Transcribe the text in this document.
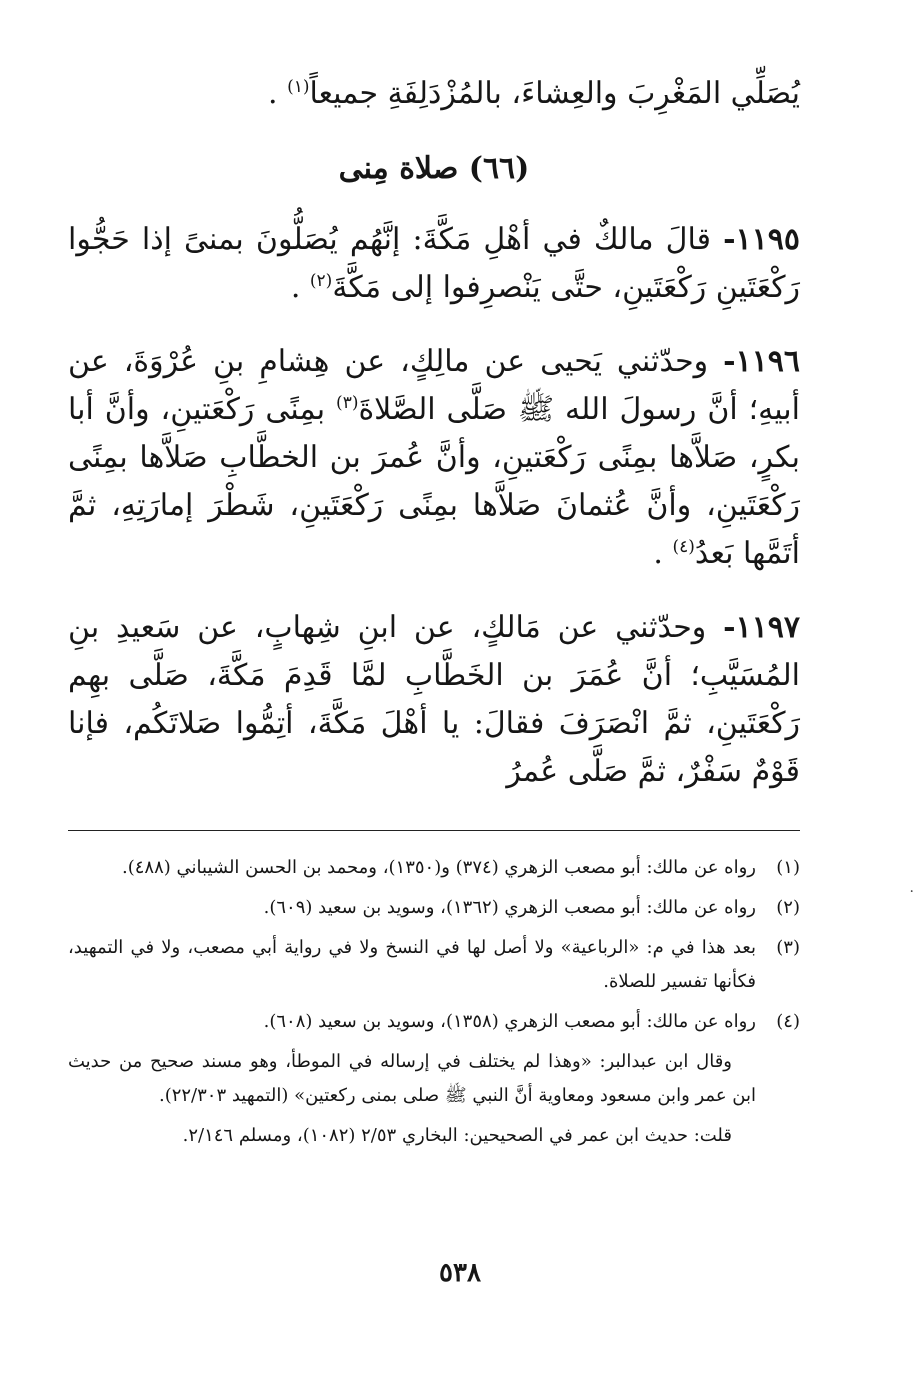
يُصَلِّي المَغْرِبَ والعِشاءَ، بالمُزْدَلِفَةِ جميعاً$^{(١)}$ .

(٦٦) صلاة مِنى

١١٩٥- قالَ مالكٌ في أهْلِ مَكَّةَ: إنَّهُم يُصَلُّونَ بمنىً إذا حَجُّوا رَكْعَتَينِ رَكْعَتَينِ، حتَّى يَنْصرِفوا إلى مَكَّةَ$^{(٢)}$ .

١١٩٦- وحدّثني يَحيى عن مالِكٍ، عن هِشامِ بنِ عُرْوَةَ، عن أبيهِ؛ أنَّ رسولَ الله ﷺ صَلَّى الصَّلاةَ$^{(٣)}$ بمِنًى رَكْعَتينِ، وأنَّ أبا بكرٍ، صَلاَّها بمِنًى رَكْعَتينِ، وأنَّ عُمرَ بن الخطَّابِ صَلاَّها بمِنًى رَكْعَتَينِ، وأنَّ عُثمانَ صَلاَّها بمِنًى رَكْعَتَينِ، شَطْرَ إمارَتِهِ، ثمَّ أتَمَّها بَعدُ$^{(٤)}$ .

١١٩٧- وحدّثني عن مَالكٍ، عن ابنِ شِهابٍ، عن سَعيدِ بنِ المُسَيَّبِ؛ أنَّ عُمَرَ بن الخَطَّابِ لمَّا قَدِمَ مَكَّةَ، صَلَّى بهِم رَكْعَتَينِ، ثمَّ انْصَرَفَ فقالَ: يا أهْلَ مَكَّةَ، أتِمُّوا صَلاتَكُم، فإنا قَوْمٌ سَفْرٌ، ثمَّ صَلَّى عُمرُ

(١)
رواه عن مالك: أبو مصعب الزهري (٣٧٤) و(١٣٥٠)، ومحمد بن الحسن الشيباني (٤٨٨).
(٢)
رواه عن مالك: أبو مصعب الزهري (١٣٦٢)، وسويد بن سعيد (٦٠٩).
(٣)
بعد هذا في م: «الرباعية» ولا أصل لها في النسخ ولا في رواية أبي مصعب، ولا في التمهيد، فكأنها تفسير للصلاة.
(٤)
رواه عن مالك: أبو مصعب الزهري (١٣٥٨)، وسويد بن سعيد (٦٠٨).
وقال ابن عبدالبر: «وهذا لم يختلف في إرساله في الموطأ، وهو مسند صحيح من حديث ابن عمر وابن مسعود ومعاوية أنَّ النبي ﷺ صلى بمنى ركعتين» (التمهيد ٢٢/٣٠٣).
قلت: حديث ابن عمر في الصحيحين: البخاري ٢/٥٣ (١٠٨٢)، ومسلم ٢/١٤٦.
٥٣٨
·
